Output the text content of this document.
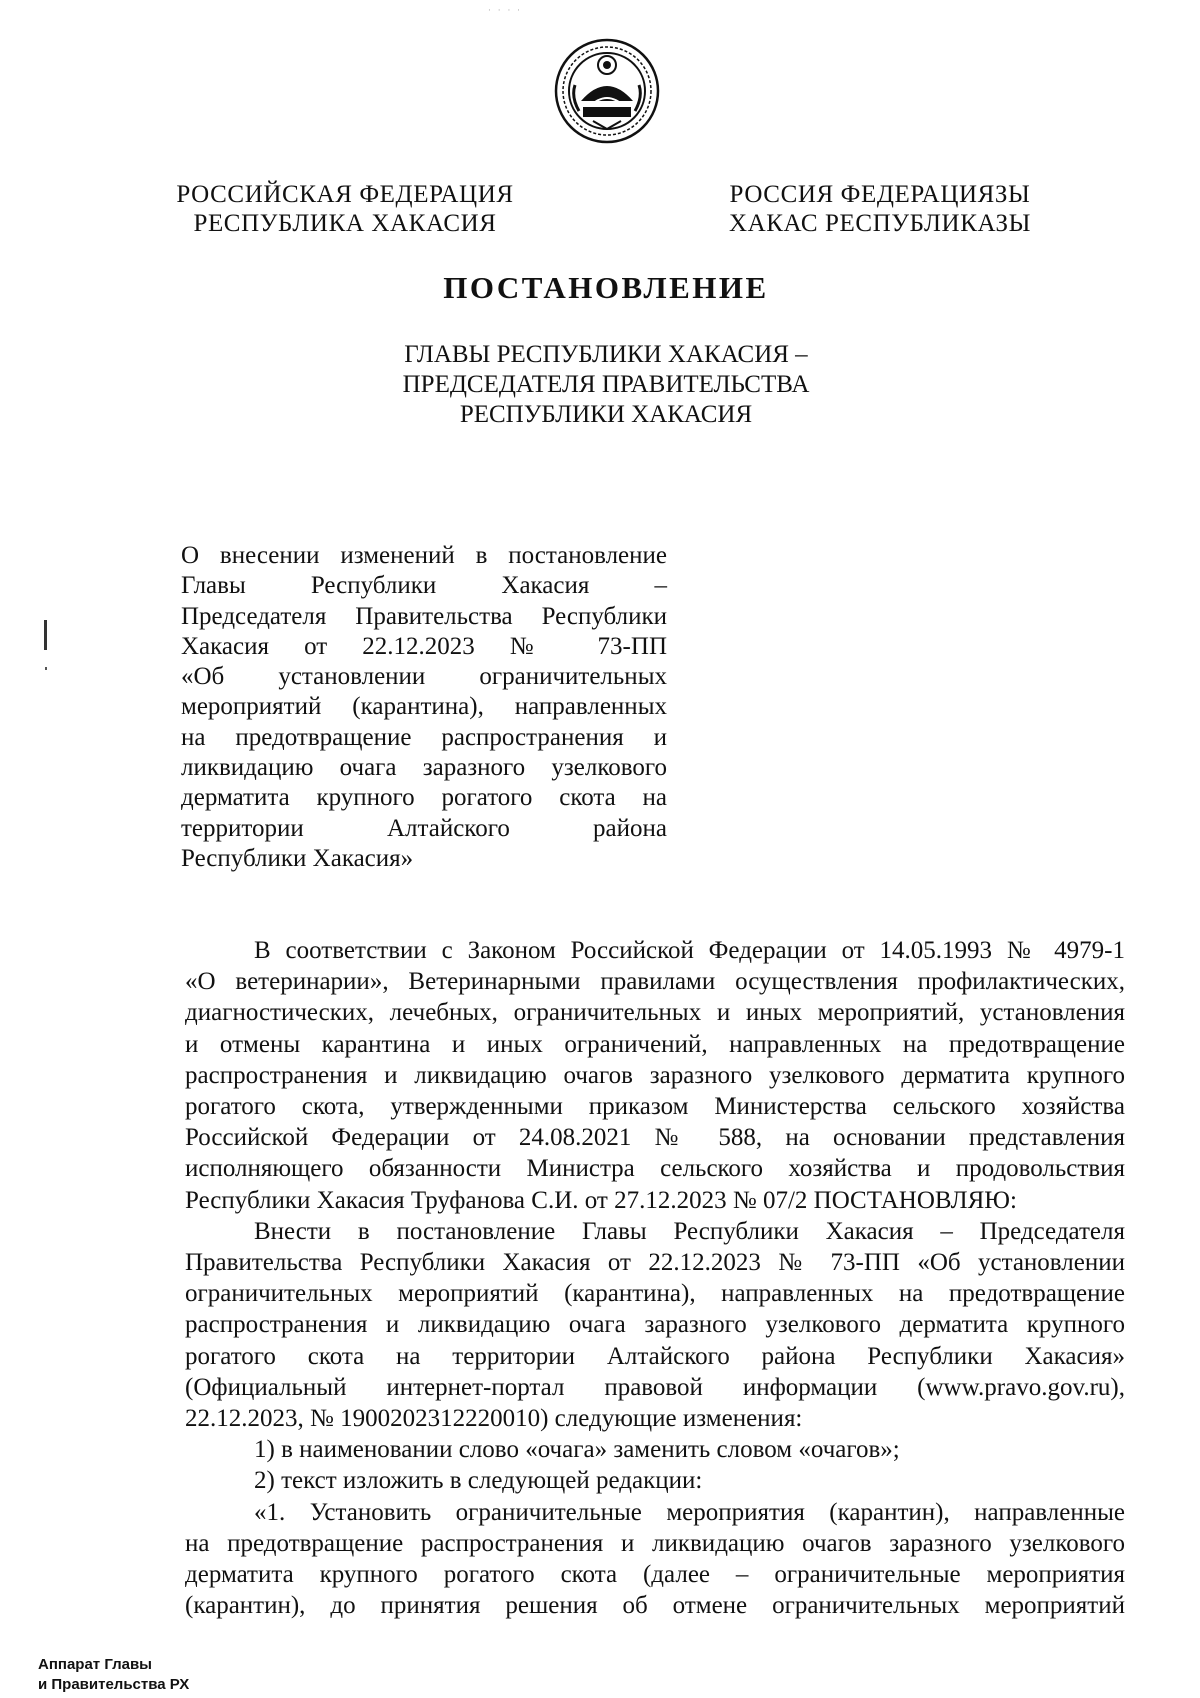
· · · ·
РОССИЙСКАЯ ФЕДЕРАЦИЯ
РЕСПУБЛИКА ХАКАСИЯ
РОССИЯ ФЕДЕРАЦИЯЗЫ
ХАКАС РЕСПУБЛИКАЗЫ
ПОСТАНОВЛЕНИЕ
ГЛАВЫ РЕСПУБЛИКИ ХАКАСИЯ –
ПРЕДСЕДАТЕЛЯ ПРАВИТЕЛЬСТВА
РЕСПУБЛИКИ ХАКАСИЯ
О внесении изменений в постановление
Главы Республики Хакасия –
Председателя Правительства Республики
Хакасия от 22.12.2023 № 73-ПП
«Об установлении ограничительных
мероприятий (карантина), направленных
на предотвращение распространения и
ликвидацию очага заразного узелкового
дерматита крупного рогатого скота на
территории Алтайского района
Республики Хакасия»
В соответствии с Законом Российской Федерации от 14.05.1993 № 4979-1
«О ветеринарии», Ветеринарными правилами осуществления профилактических,
диагностических, лечебных, ограничительных и иных мероприятий, установления
и отмены карантина и иных ограничений, направленных на предотвращение
распространения и ликвидацию очагов заразного узелкового дерматита крупного
рогатого скота, утвержденными приказом Министерства сельского хозяйства
Российской Федерации от 24.08.2021 № 588, на основании представления
исполняющего обязанности Министра сельского хозяйства и продовольствия
Республики Хакасия Труфанова С.И. от 27.12.2023 № 07/2 ПОСТАНОВЛЯЮ:
Внести в постановление Главы Республики Хакасия – Председателя
Правительства Республики Хакасия от 22.12.2023 № 73-ПП «Об установлении
ограничительных мероприятий (карантина), направленных на предотвращение
распространения и ликвидацию очага заразного узелкового дерматита крупного
рогатого скота на территории Алтайского района Республики Хакасия»
(Официальный интернет-портал правовой информации (www.pravo.gov.ru),
22.12.2023, № 1900202312220010) следующие изменения:
1) в наименовании слово «очага» заменить словом «очагов»;
2) текст изложить в следующей редакции:
«1. Установить ограничительные мероприятия (карантин), направленные
на предотвращение распространения и ликвидацию очагов заразного узелкового
дерматита крупного рогатого скота (далее – ограничительные мероприятия
(карантин), до принятия решения об отмене ограничительных мероприятий
Аппарат Главы
и Правительства РХ
